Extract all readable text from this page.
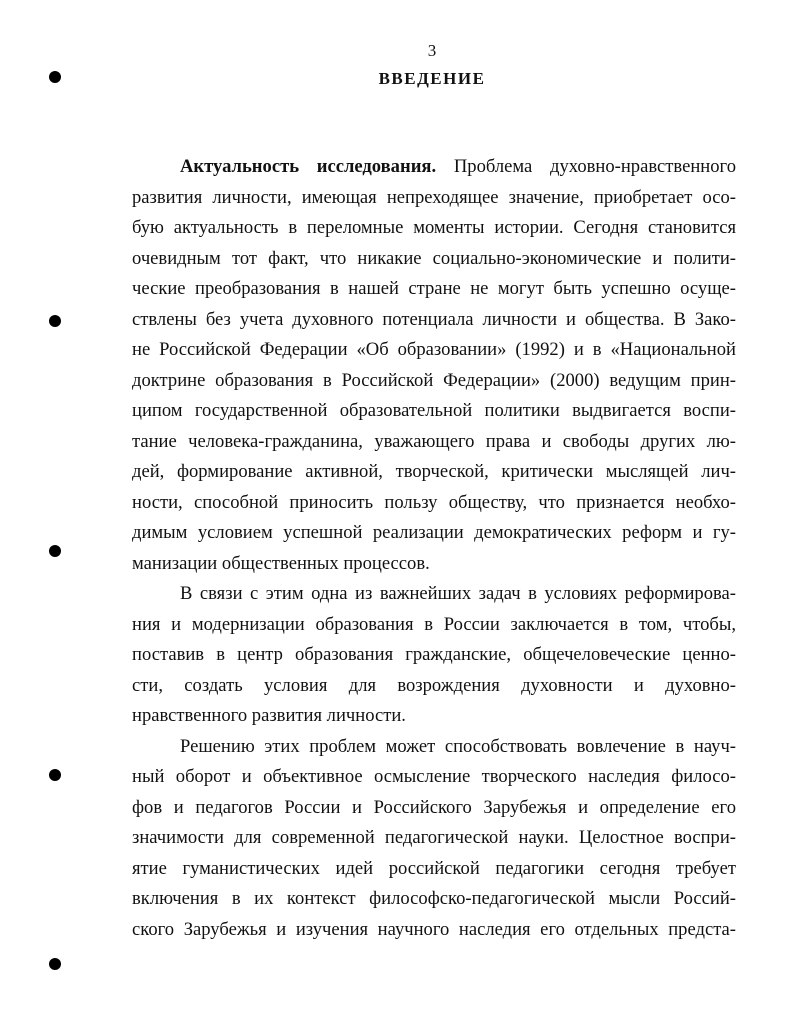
3
ВВЕДЕНИЕ

Актуальность исследования. Проблема духовно-нравственного
развития личности, имеющая непреходящее значение, приобретает осо-
бую актуальность в переломные моменты истории. Сегодня становится
очевидным тот факт, что никакие социально-экономические и полити-
ческие преобразования в нашей стране не могут быть успешно осуще-
ствлены без учета духовного потенциала личности и общества. В Зако-
не Российской Федерации «Об образовании» (1992) и в «Национальной
доктрине образования в Российской Федерации» (2000) ведущим прин-
ципом государственной образовательной политики выдвигается воспи-
тание человека-гражданина, уважающего права и свободы других лю-
дей, формирование активной, творческой, критически мыслящей лич-
ности, способной приносить пользу обществу, что признается необхо-
димым условием успешной реализации демократических реформ и гу-
манизации общественных процессов.

В связи с этим одна из важнейших задач в условиях реформирова-
ния и модернизации образования в России заключается в том, чтобы,
поставив в центр образования гражданские, общечеловеческие ценно-
сти, создать условия для возрождения духовности и духовно-
нравственного развития личности.

Решению этих проблем может способствовать вовлечение в науч-
ный оборот и объективное осмысление творческого наследия филосо-
фов и педагогов России и Российского Зарубежья и определение его
значимости для современной педагогической науки. Целостное воспри-
ятие гуманистических идей российской педагогики сегодня требует
включения в их контекст философско-педагогической мысли Россий-
ского Зарубежья и изучения научного наследия его отдельных предста-
